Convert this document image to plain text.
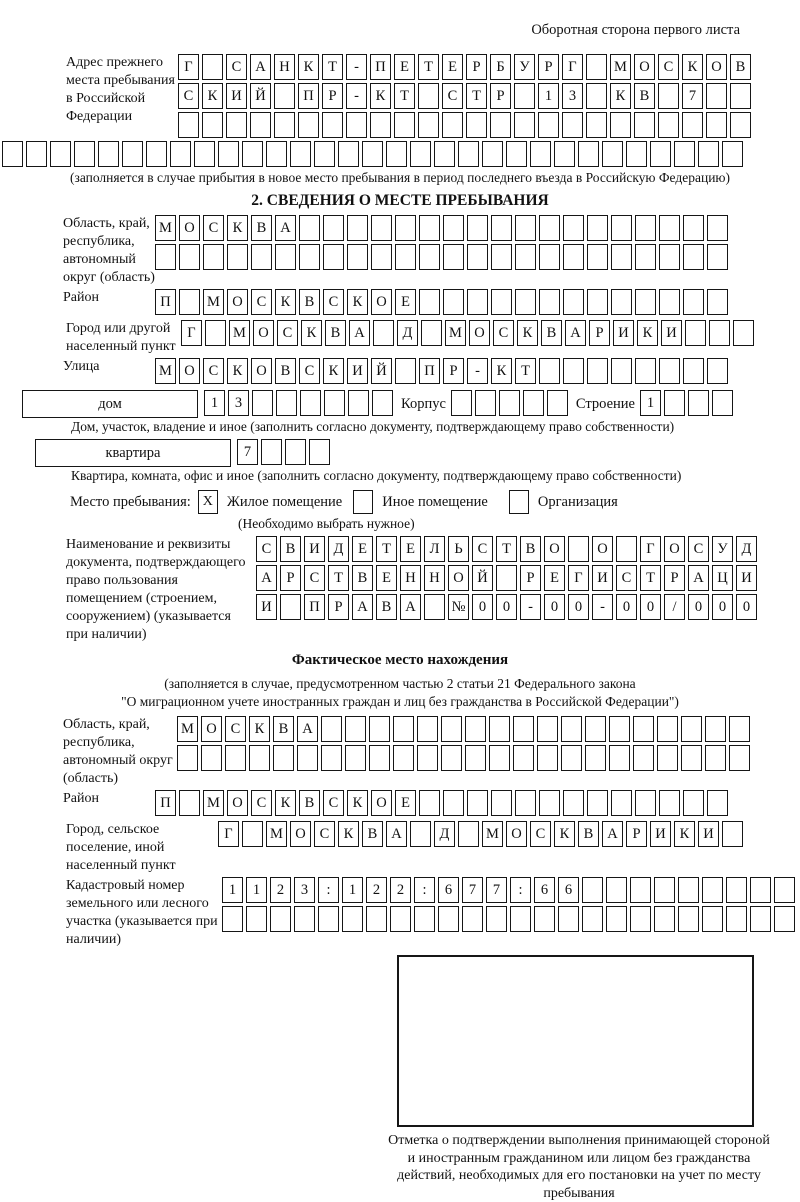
Оборотная сторона первого листа
Адрес прежнего места пребывания в Российской Федерации
Г	С А Н К	Т	-	П Е	Т	Е	Р	Б	У	Р	Г	М О С К О В
С К И Й	П	Р	-	К	Т	С	Т	Р	1	3	К В	7
(заполняется в случае прибытия в новое место пребывания в период последнего въезда в Российскую Федерацию)
2. СВЕДЕНИЯ О МЕСТЕ ПРЕБЫВАНИЯ
Область, край, республика, автономный округ (область)
М О С К В А
Район	П	М О С К В С К О Е
Город или другой населенный пункт
Г	М О С К В А	Д	М О С К В А	Р	И К И
Улица	М О С К О В С К И Й	П	Р	-	К	Т
дом	1	3	Корпус	Строение 1
Дом, участок, владение и иное (заполнить согласно документу, подтверждающему право собственности)
квартира	7
Квартира, комната, офис и иное (заполнить согласно документу, подтверждающему право собственности)
Место пребывания: X Жилое помещение	Иное помещение	Организация
(Необходимо выбрать нужное)
Наименование и реквизиты документа, подтверждающего право пользования помещением (строением, сооружением) (указывается при наличии)
С В И Д	Е	Т	Е	Л	Ь	С	Т	В О	О	Г	О С У Д
А	Р	С	Т	В	Е Н Н О Й	Р	Е	Г	И С	Т	Р	А Ц И
И	П	Р	А В А	№ 0	0	-	0	0	-	0	0	/	0	0	0
Фактическое место нахождения
(заполняется в случае, предусмотренном частью 2 статьи 21 Федерального закона
"О миграционном учете иностранных граждан и лиц без гражданства в Российской Федерации")
Область, край, республика, автономный округ (область)
М О С К В А
Район	П	М О С К В С К О Е
Город, сельское поселение, иной населенный пункт
Г	М О С К В А	Д	М О С К В А	Р	И К И
Кадастровый номер земельного или лесного участка (указывается при наличии)
1	1	2	3	:	1	2	2	:	6	7	7	:	6	6
Отметка о подтверждении выполнения принимающей стороной и иностранным гражданином или лицом без гражданства действий, необходимых для его постановки на учет по месту пребывания
